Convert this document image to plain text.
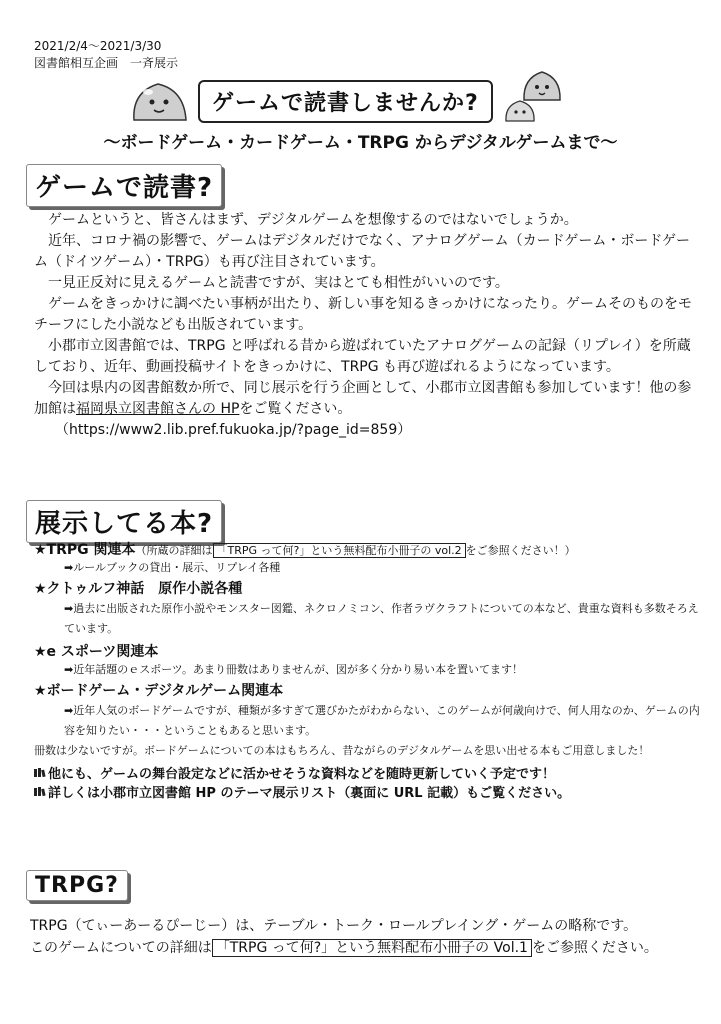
2021/2/4～2021/3/30
図書館相互企画　一斉展示
ゲームで読書しませんか?
～ボードゲーム・カードゲーム・TRPG からデジタルゲームまで～
ゲームで読書?

ゲームというと、皆さんはまず、デジタルゲームを想像するのではないでしょうか。

近年、コロナ禍の影響で、ゲームはデジタルだけでなく、アナログゲーム（カードゲーム・ボードゲーム（ドイツゲーム）・TRPG）も再び注目されています。

一見正反対に見えるゲームと読書ですが、実はとても相性がいいのです。

ゲームをきっかけに調べたい事柄が出たり、新しい事を知るきっかけになったり。ゲームそのものをモチーフにした小説なども出版されています。

小郡市立図書館では、TRPG と呼ばれる昔から遊ばれていたアナログゲームの記録（リプレイ）を所蔵しており、近年、動画投稿サイトをきっかけに、TRPG も再び遊ばれるようになっています。

今回は県内の図書館数か所で、同じ展示を行う企画として、小郡市立図書館も参加しています！他の参加館は福岡県立図書館さんの HPをご覧ください。

（https://www2.lib.pref.fukuoka.jp/?page_id=859）

展示してる本?
★TRPG 関連本（所蔵の詳細は 「TRPG って何?」という無料配布小冊子の vol.2 をご参照ください！）
➡ルールブックの貸出・展示、リプレイ各種
★クトゥルフ神話　原作小説各種
➡過去に出版された原作小説やモンスター図鑑、ネクロノミコン、作者ラヴクラフトについての本など、貴重な資料も多数そろえています。
★e スポーツ関連本
➡近年話題のｅスポーツ。あまり冊数はありませんが、図が多く分かり易い本を置いてます！
★ボードゲーム・デジタルゲーム関連本
➡近年人気のボードゲームですが、種類が多すぎて選びかたがわからない、このゲームが何歳向けで、何人用なのか、ゲームの内容を知りたい・・・ということもあると思います。
冊数は少ないですが。ボードゲームについての本はもちろん、昔ながらのデジタルゲームを思い出せる本もご用意しました！
他にも、ゲームの舞台設定などに活かせそうな資料などを随時更新していく予定です！
詳しくは小郡市立図書館 HP のテーマ展示リスト（裏面に URL 記載）もご覧ください。
TRPG?
TRPG（てぃーあーるぴーじー）は、テーブル・トーク・ロールプレイング・ゲームの略称です。
このゲームについての詳細は 「TRPG って何?」という無料配布小冊子の Vol.1 をご参照ください。
